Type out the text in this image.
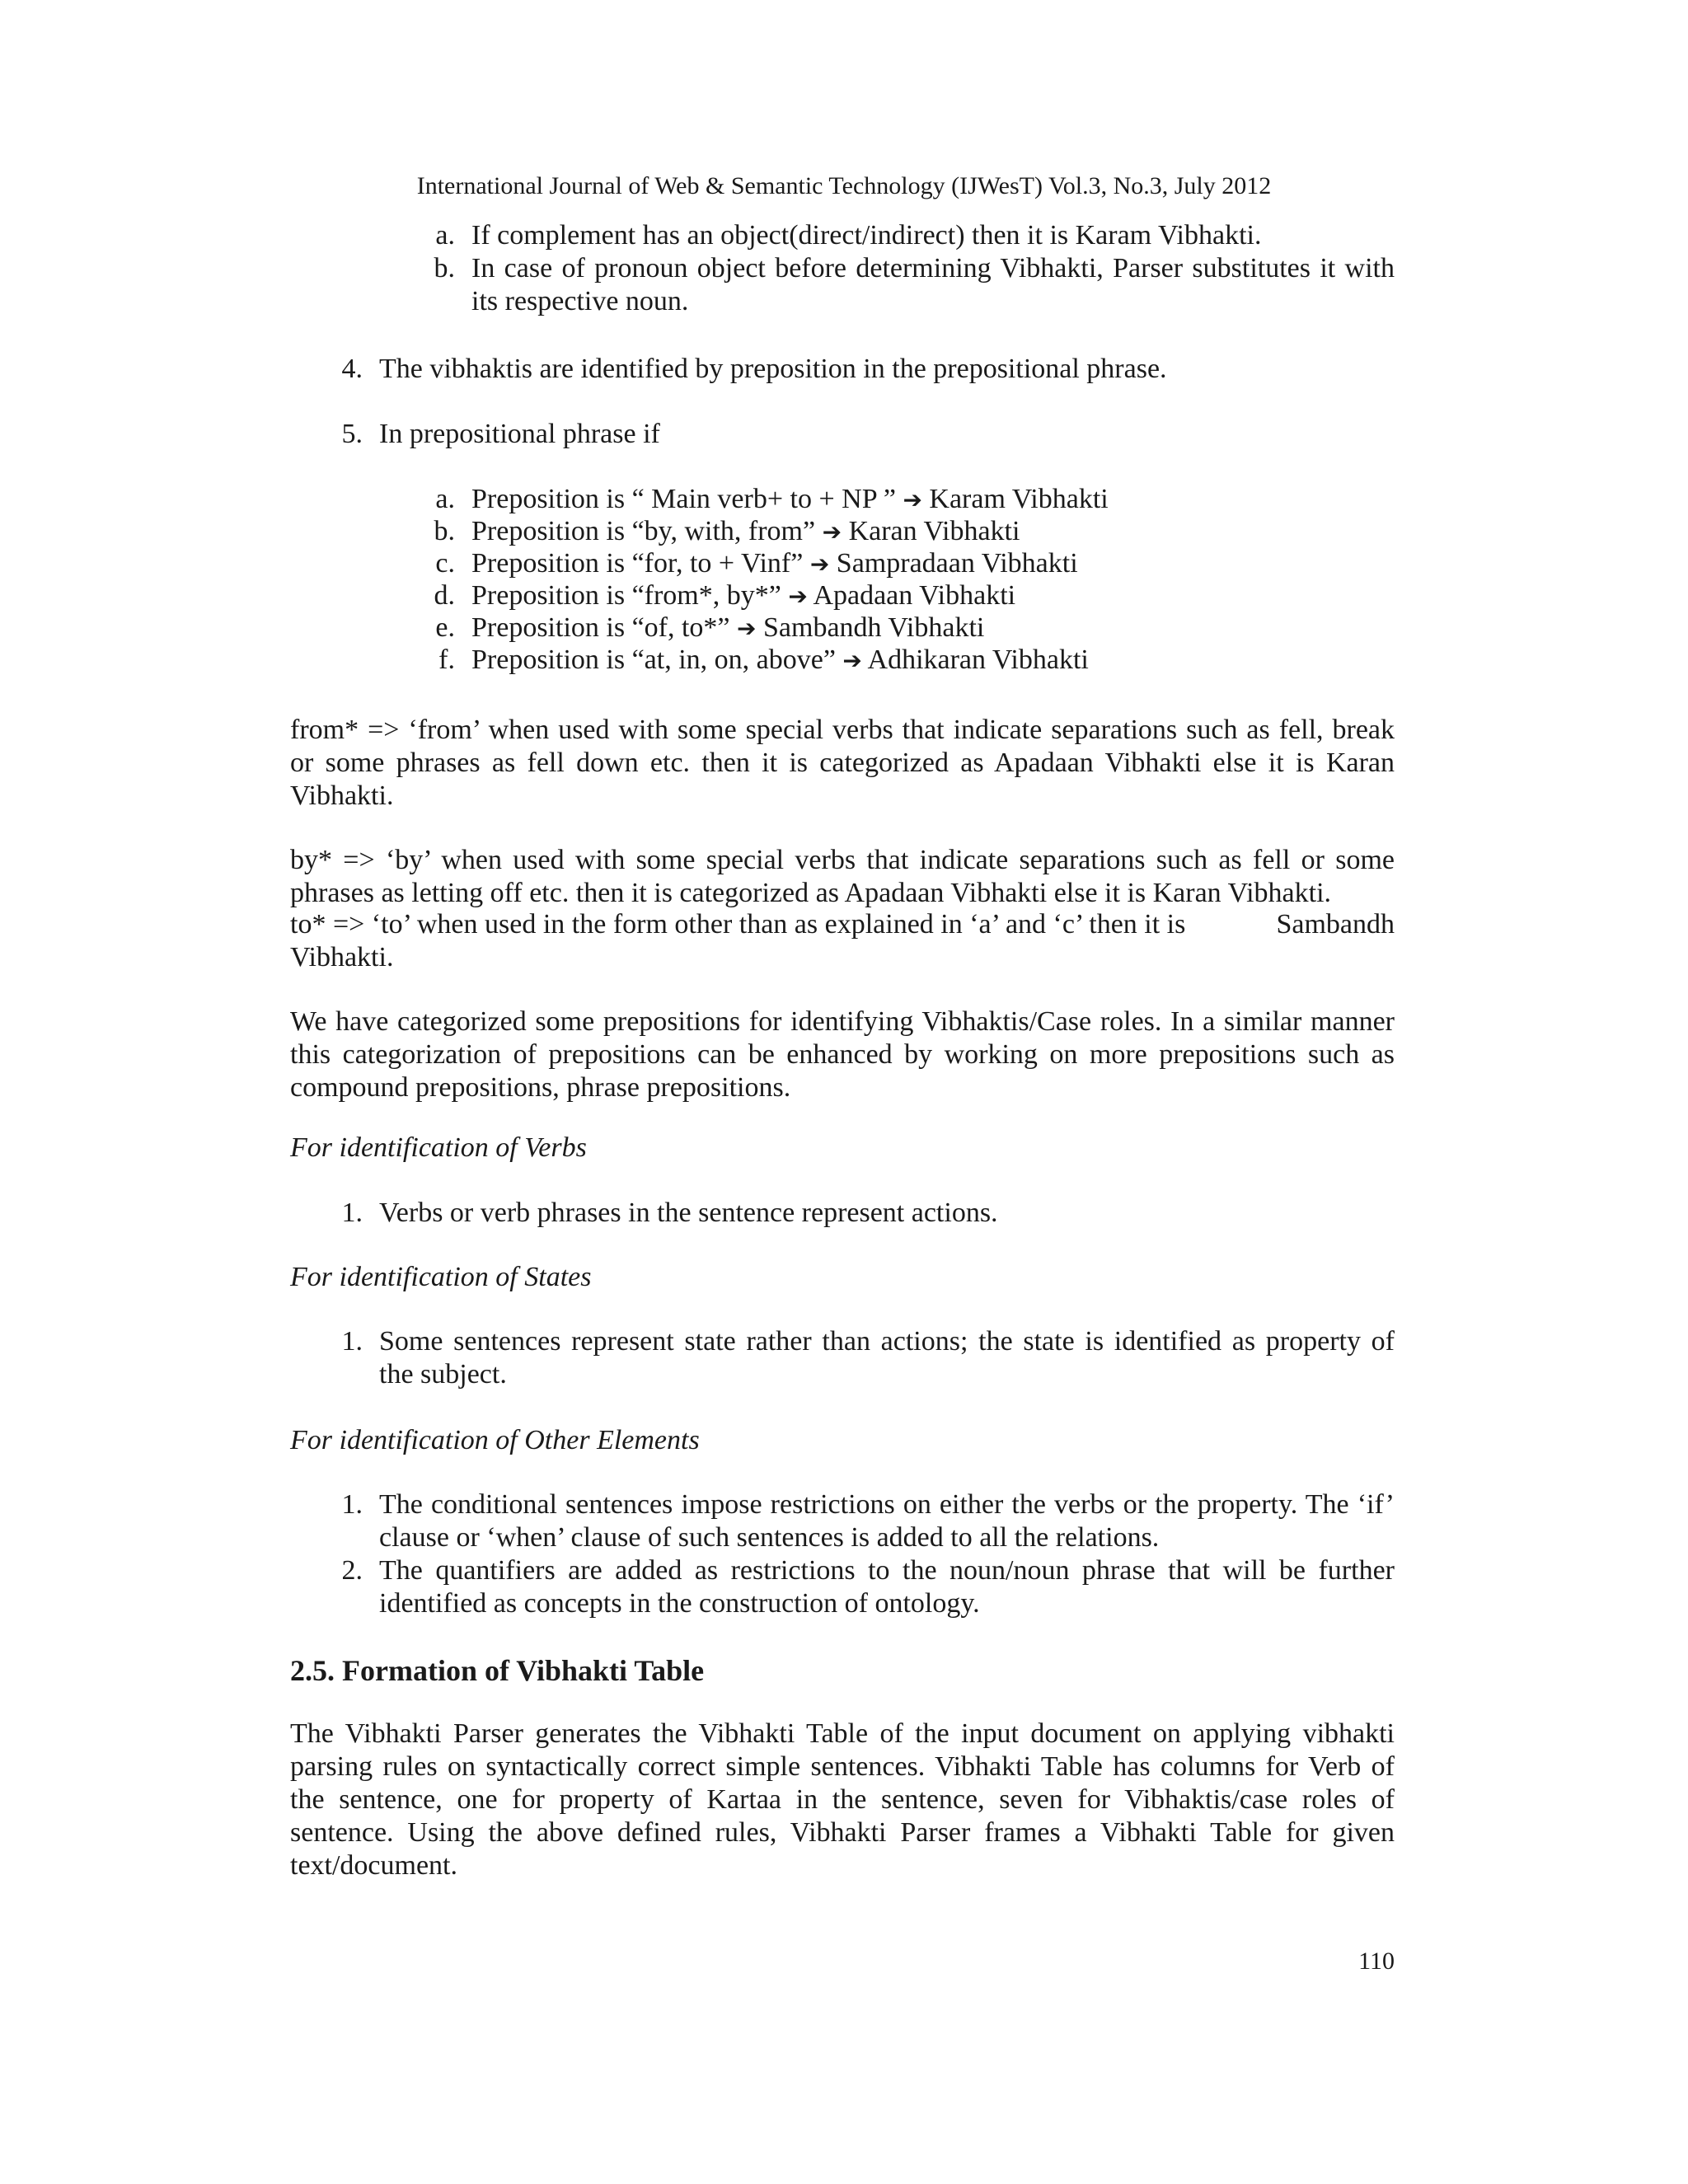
International Journal of Web & Semantic Technology (IJWesT) Vol.3, No.3, July 2012
a. If complement has an object(direct/indirect) then it is Karam Vibhakti.
b. In case of pronoun object before determining Vibhakti, Parser substitutes it with
its respective noun.
4. The vibhaktis are identified by preposition in the prepositional phrase.
5. In prepositional phrase if
a. Preposition is “ Main verb+ to + NP ” ➔ Karam Vibhakti
b. Preposition is “by, with, from” ➔ Karan Vibhakti
c. Preposition is “for, to + Vinf” ➔ Sampradaan Vibhakti
d. Preposition is “from*, by*” ➔ Apadaan Vibhakti
e. Preposition is “of, to*” ➔ Sambandh Vibhakti
f. Preposition is “at, in, on, above” ➔ Adhikaran Vibhakti
from* => ‘from’ when used with some special verbs that indicate separations such as fell, break
or some phrases as fell down etc. then it is categorized as Apadaan Vibhakti else it is Karan
Vibhakti.
by* => ‘by’ when used with some special verbs that indicate separations such as fell or some
phrases as letting off etc. then it is categorized as Apadaan Vibhakti else it is Karan Vibhakti.
to* => ‘to’ when used in the form other than as explained in ‘a’ and ‘c’ then it is	Sambandh
Vibhakti.
We have categorized some prepositions for identifying Vibhaktis/Case roles. In a similar manner
this categorization of prepositions can be enhanced by working on more prepositions such as
compound prepositions, phrase prepositions.
For identification of Verbs
1. Verbs or verb phrases in the sentence represent actions.
For identification of States
1. Some sentences represent state rather than actions; the state is identified as property of
the subject.
For identification of Other Elements
1. The conditional sentences impose restrictions on either the verbs or the property. The ‘if’
clause or ‘when’ clause of such sentences is added to all the relations.
2. The quantifiers are added as restrictions to the noun/noun phrase that will be further
identified as concepts in the construction of ontology.
2.5. Formation of Vibhakti Table
The Vibhakti Parser generates the Vibhakti Table of the input document on applying vibhakti
parsing rules on syntactically correct simple sentences. Vibhakti Table has columns for Verb of
the sentence, one for property of Kartaa in the sentence, seven for Vibhaktis/case roles of
sentence. Using the above defined rules, Vibhakti Parser frames a Vibhakti Table for given
text/document.
110
